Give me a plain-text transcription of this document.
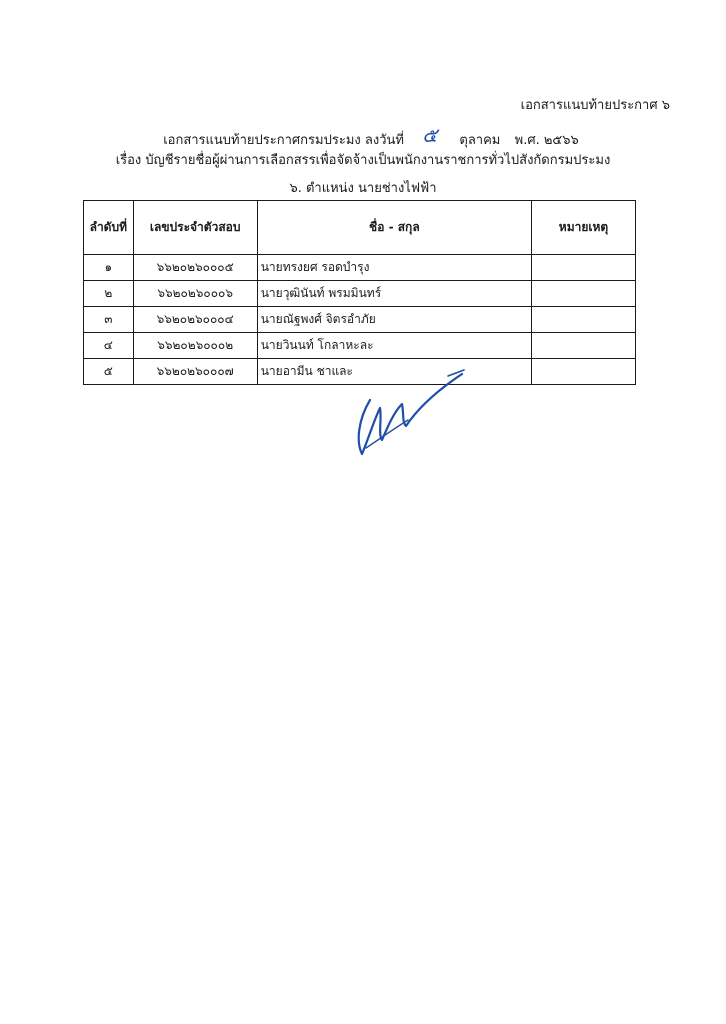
เอกสารแนบท้ายประกาศ ๖
เอกสารแนบท้ายประกาศกรมประมง ลงวันที่ ๕ ตุลาคม พ.ศ. ๒๕๖๖
เรื่อง บัญชีรายชื่อผู้ผ่านการเลือกสรรเพื่อจัดจ้างเป็นพนักงานราชการทั่วไปสังกัดกรมประมง
๖. ตำแหน่ง นายช่างไฟฟ้า
ลำดับที่	เลขประจำตัวสอบ	ชื่อ - สกุล	หมายเหตุ
๑	๖๖๒๐๒๖๐๐๐๕	นายทรงยศ รอดบำรุง	
๒	๖๖๒๐๒๖๐๐๐๖	นายวุฒินันท์ พรมมินทร์	
๓	๖๖๒๐๒๖๐๐๐๔	นายณัฐพงศ์ จิตรอำภัย	
๔	๖๖๒๐๒๖๐๐๐๒	นายวินนท์ โกลาหะละ	
๕	๖๖๒๐๒๖๐๐๐๗	นายอามีน ชาและ	
